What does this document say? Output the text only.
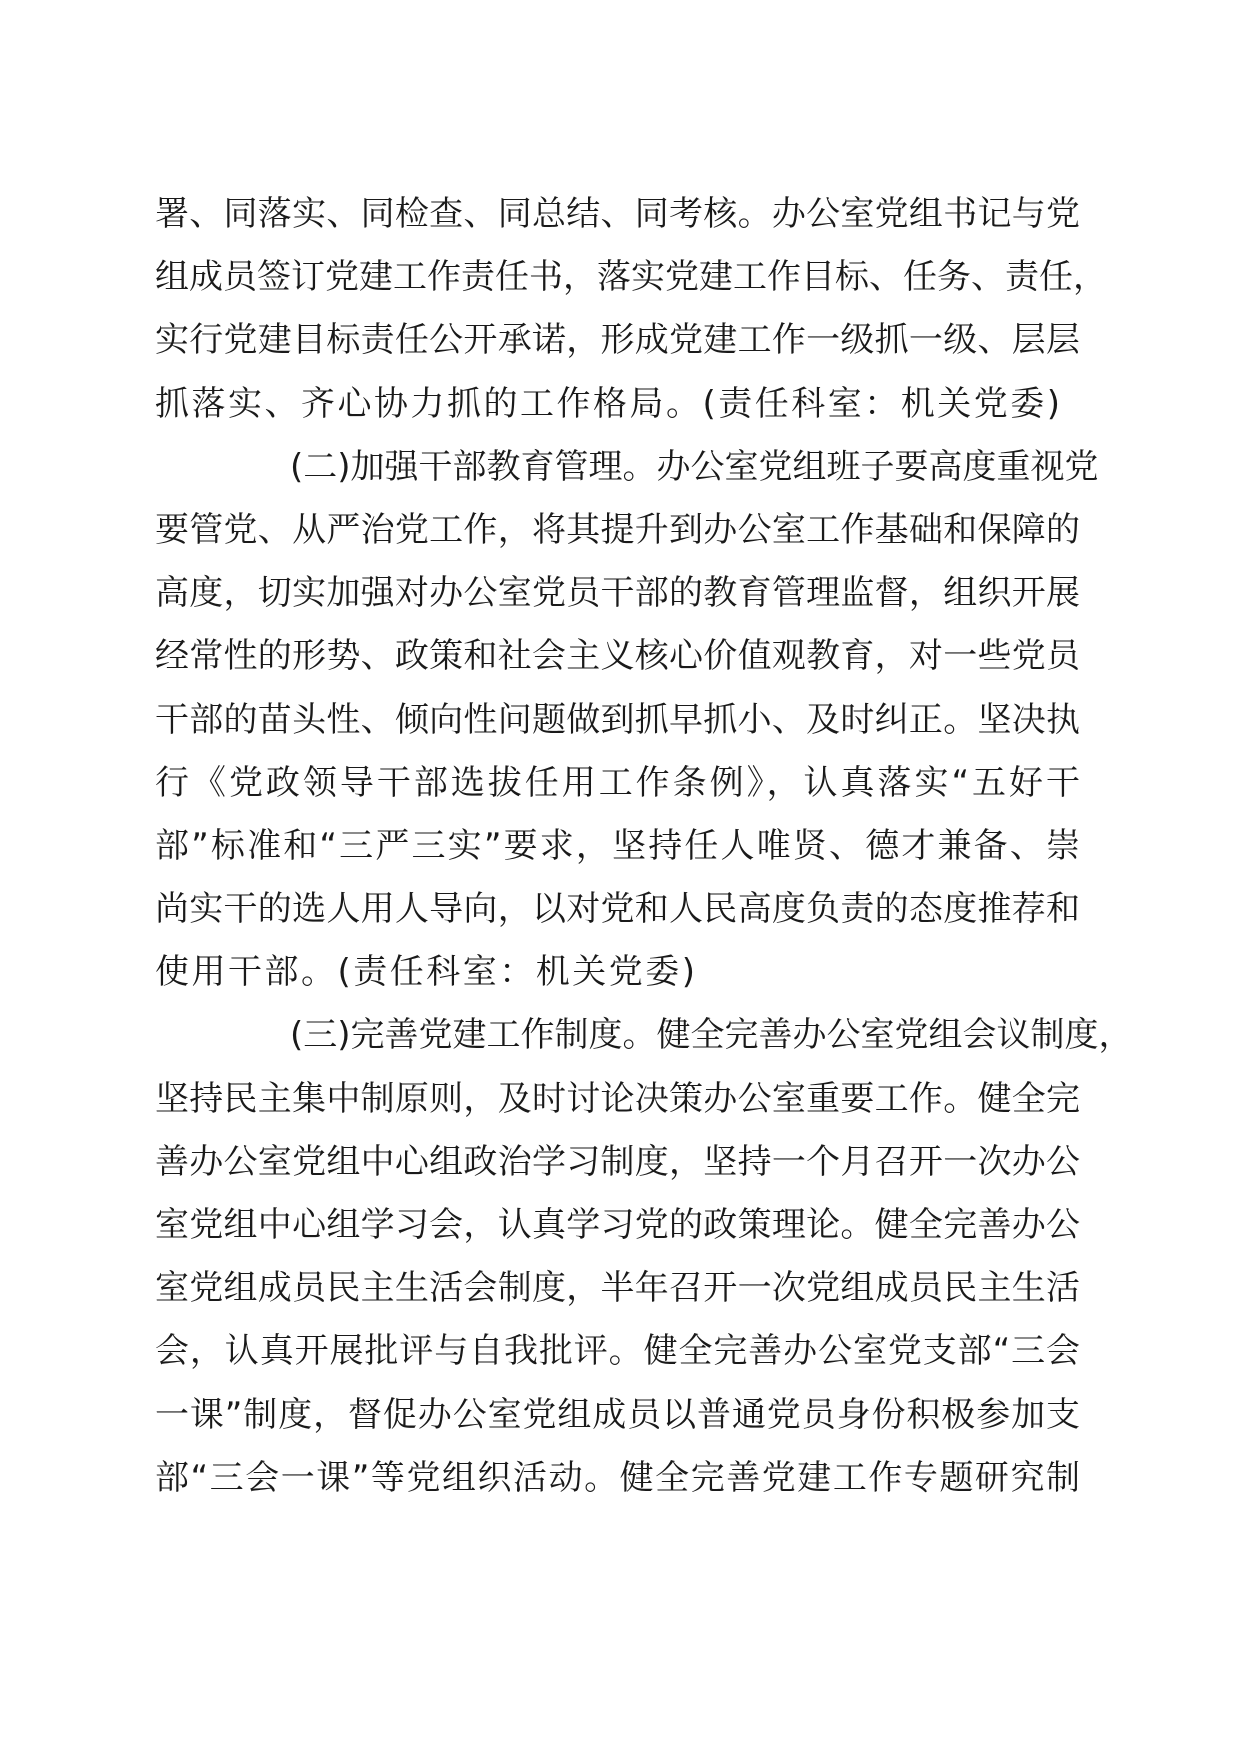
署、同落实、同检查、同总结、同考核。办公室党组书记与党
组成员签订党建工作责任书，落实党建工作目标、任务、责任，
实行党建目标责任公开承诺，形成党建工作一级抓一级、层层
抓落实、齐心协力抓的工作格局。(责任科室：机关党委)
(二)加强干部教育管理。办公室党组班子要高度重视党
要管党、从严治党工作，将其提升到办公室工作基础和保障的
高度，切实加强对办公室党员干部的教育管理监督，组织开展
经常性的形势、政策和社会主义核心价值观教育，对一些党员
干部的苗头性、倾向性问题做到抓早抓小、及时纠正。坚决执
行《党政领导干部选拔任用工作条例》，认真落实“五好干
部”标准和“三严三实”要求，坚持任人唯贤、德才兼备、崇
尚实干的选人用人导向，以对党和人民高度负责的态度推荐和
使用干部。(责任科室：机关党委)
(三)完善党建工作制度。健全完善办公室党组会议制度，
坚持民主集中制原则，及时讨论决策办公室重要工作。健全完
善办公室党组中心组政治学习制度，坚持一个月召开一次办公
室党组中心组学习会，认真学习党的政策理论。健全完善办公
室党组成员民主生活会制度，半年召开一次党组成员民主生活
会，认真开展批评与自我批评。健全完善办公室党支部“三会
一课”制度，督促办公室党组成员以普通党员身份积极参加支
部“三会一课”等党组织活动。健全完善党建工作专题研究制
